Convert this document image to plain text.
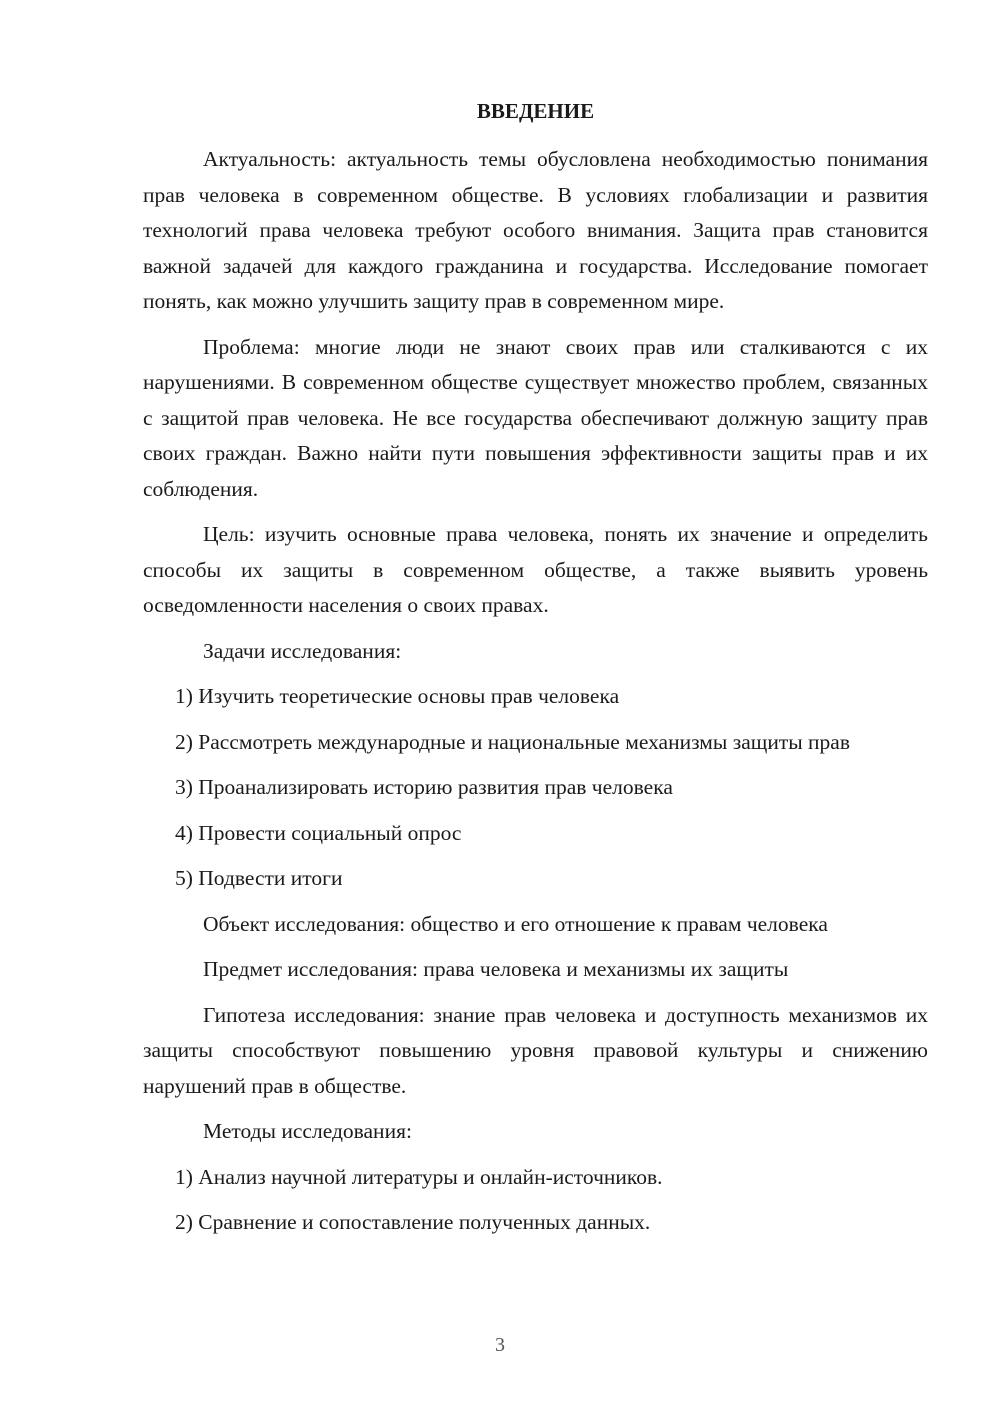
ВВЕДЕНИЕ

Актуальность: актуальность темы обусловлена необходимостью понимания прав человека в современном обществе. В условиях глобализации и развития технологий права человека требуют особого внимания. Защита прав становится важной задачей для каждого гражданина и государства. Исследование помогает понять, как можно улучшить защиту прав в современном мире.

Проблема: многие люди не знают своих прав или сталкиваются с их нарушениями. В современном обществе существует множество проблем, связанных с защитой прав человека. Не все государства обеспечивают должную защиту прав своих граждан. Важно найти пути повышения эффективности защиты прав и их соблюдения.

Цель: изучить основные права человека, понять их значение и определить способы их защиты в современном обществе, а также выявить уровень осведомленности населения о своих правах.

Задачи исследования:

1) Изучить теоретические основы прав человека

2) Рассмотреть международные и национальные механизмы защиты прав

3) Проанализировать историю развития прав человека

4) Провести социальный опрос

5) Подвести итоги

Объект исследования: общество и его отношение к правам человека

Предмет исследования: права человека и механизмы их защиты

Гипотеза исследования: знание прав человека и доступность механизмов их защиты способствуют повышению уровня правовой культуры и снижению нарушений прав в обществе.

Методы исследования:

1) Анализ научной литературы и онлайн-источников.

2) Сравнение и сопоставление полученных данных.

3
